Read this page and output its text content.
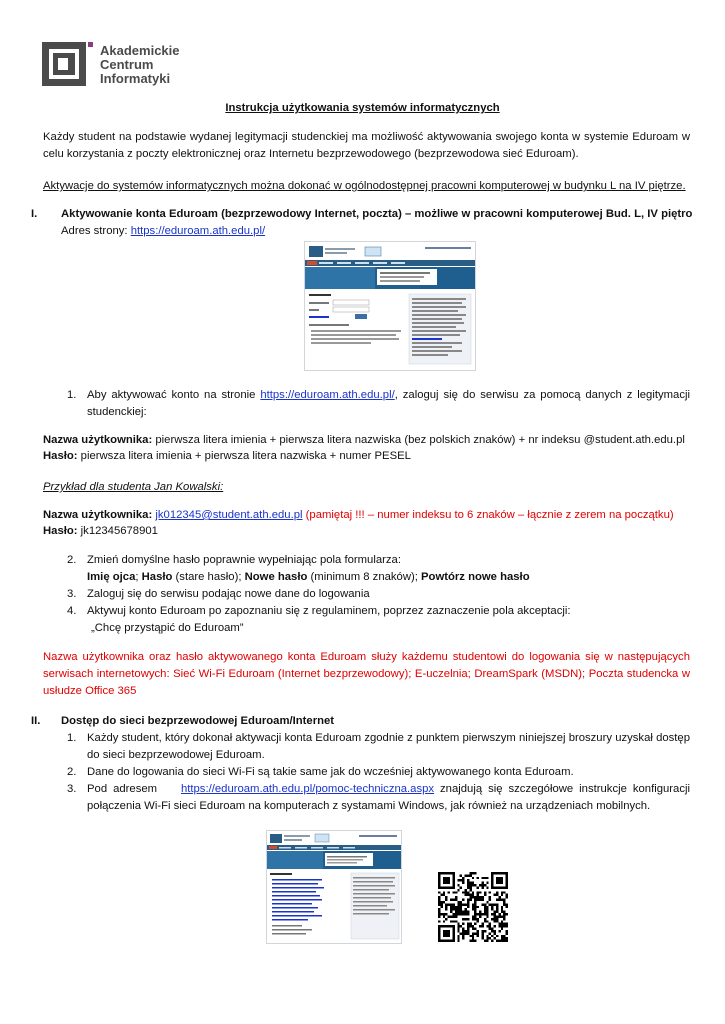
Akademickie
Centrum
Informatyki
Instrukcja użytkowania systemów informatycznych
Każdy student na podstawie wydanej legitymacji studenckiej ma możliwość aktywowania swojego konta w systemie Eduroam w celu korzystania z poczty elektronicznej oraz Internetu bezprzewodowego (bezprzewodowa sieć Eduroam).
Aktywacje do systemów informatycznych można dokonać w ogólnodostępnej pracowni komputerowej w budynku L na IV piętrze.
I. Aktywowanie konta Eduroam (bezprzewodowy Internet, poczta) – możliwe w pracowni komputerowej Bud. L, IV piętro
Adres strony: https://eduroam.ath.edu.pl/
1. Aby aktywować konto na stronie https://eduroam.ath.edu.pl/, zaloguj się do serwisu za pomocą danych z legitymacji studenckiej:
Nazwa użytkownika: pierwsza litera imienia + pierwsza litera nazwiska (bez polskich znaków) + nr indeksu @student.ath.edu.pl
Hasło: pierwsza litera imienia + pierwsza litera nazwiska + numer PESEL
Przykład dla studenta Jan Kowalski:
Nazwa użytkownika: jk012345@student.ath.edu.pl (pamiętaj !!! – numer indeksu to 6 znaków – łącznie z zerem na początku)
Hasło: jk12345678901
2. Zmień domyślne hasło poprawnie wypełniając pola formularza:
Imię ojca; Hasło (stare hasło); Nowe hasło (minimum 8 znaków); Powtórz nowe hasło
3. Zaloguj się do serwisu podając nowe dane do logowania
4. Aktywuj konto Eduroam po zapoznaniu się z regulaminem, poprzez zaznaczenie pola akceptacji:
„Chcę przystąpić do Eduroam”
Nazwa użytkownika oraz hasło aktywowanego konta Eduroam służy każdemu studentowi do logowania się w następujących serwisach internetowych: Sieć Wi-Fi Eduroam (Internet bezprzewodowy); E-uczelnia; DreamSpark (MSDN); Poczta studencka w usłudze Office 365
II. Dostęp do sieci bezprzewodowej Eduroam/Internet
1. Każdy student, który dokonał aktywacji konta Eduroam zgodnie z punktem pierwszym niniejszej broszury uzyskał dostęp do sieci bezprzewodowej Eduroam.
2. Dane do logowania do sieci Wi-Fi są takie same jak do wcześniej aktywowanego konta Eduroam.
3. Pod adresem https://eduroam.ath.edu.pl/pomoc-techniczna.aspx znajdują się szczegółowe instrukcje konfiguracji połączenia Wi-Fi sieci Eduroam na komputerach z systamami Windows, jak również na urządzeniach mobilnych.
